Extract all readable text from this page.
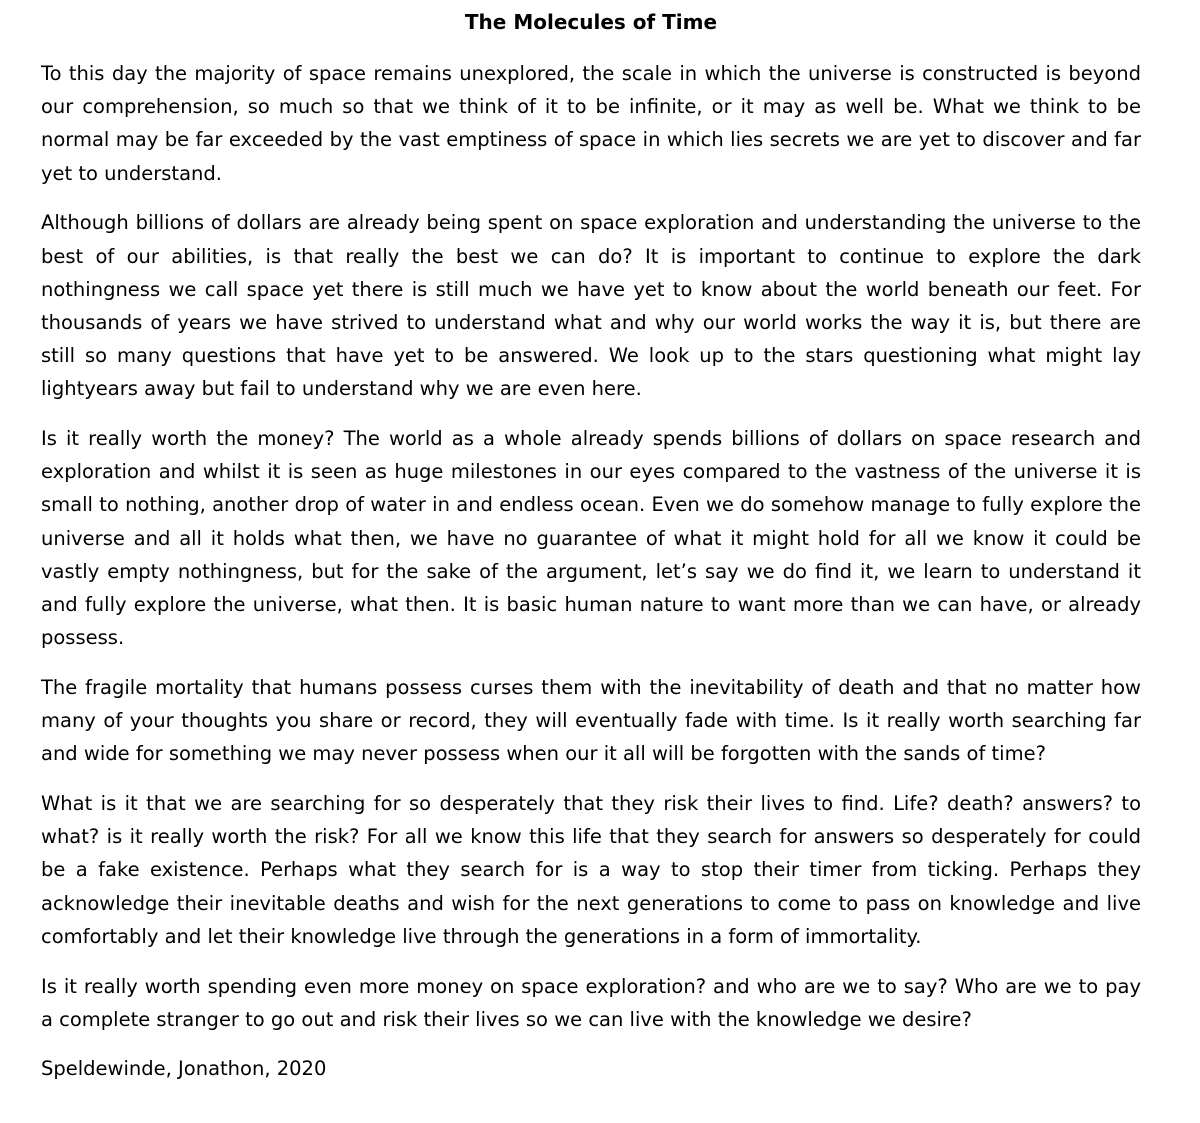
The Molecules of Time

To this day the majority of space remains unexplored, the scale in which the universe is constructed is beyond our comprehension, so much so that we think of it to be infinite, or it may as well be. What we think to be normal may be far exceeded by the vast emptiness of space in which lies secrets we are yet to discover and far yet to understand.

Although billions of dollars are already being spent on space exploration and understanding the universe to the best of our abilities, is that really the best we can do? It is important to continue to explore the dark nothingness we call space yet there is still much we have yet to know about the world beneath our feet. For thousands of years we have strived to understand what and why our world works the way it is, but there are still so many questions that have yet to be answered. We look up to the stars questioning what might lay lightyears away but fail to understand why we are even here.

Is it really worth the money? The world as a whole already spends billions of dollars on space research and exploration and whilst it is seen as huge milestones in our eyes compared to the vastness of the universe it is small to nothing, another drop of water in and endless ocean. Even we do somehow manage to fully explore the universe and all it holds what then, we have no guarantee of what it might hold for all we know it could be vastly empty nothingness, but for the sake of the argument, let’s say we do find it, we learn to understand it and fully explore the universe, what then. It is basic human nature to want more than we can have, or already possess.

The fragile mortality that humans possess curses them with the inevitability of death and that no matter how many of your thoughts you share or record, they will eventually fade with time. Is it really worth searching far and wide for something we may never possess when our it all will be forgotten with the sands of time?

What is it that we are searching for so desperately that they risk their lives to find. Life? death? answers? to what? is it really worth the risk? For all we know this life that they search for answers so desperately for could be a fake existence. Perhaps what they search for is a way to stop their timer from ticking. Perhaps they acknowledge their inevitable deaths and wish for the next generations to come to pass on knowledge and live comfortably and let their knowledge live through the generations in a form of immortality.

Is it really worth spending even more money on space exploration? and who are we to say? Who are we to pay a complete stranger to go out and risk their lives so we can live with the knowledge we desire?

Speldewinde, Jonathon, 2020
